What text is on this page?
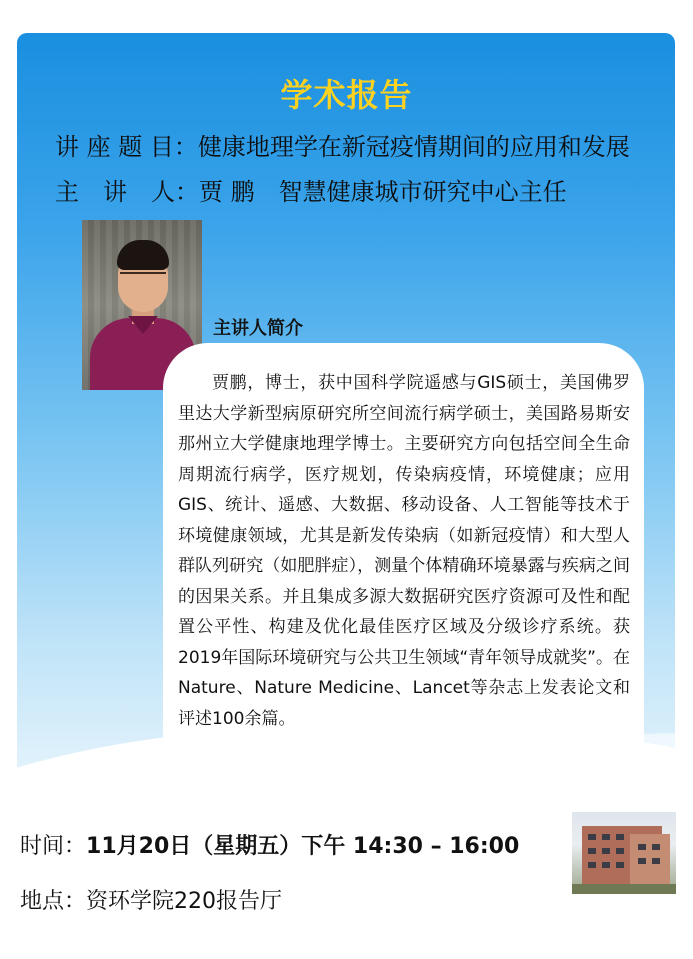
学术报告
讲 座 题 目：健康地理学在新冠疫情期间的应用和发展
主　讲　人：贾 鹏　智慧健康城市研究中心主任
主讲人简介
贾鹏，博士，获中国科学院遥感与GIS硕士，美国佛罗里达大学新型病原研究所空间流行病学硕士，美国路易斯安那州立大学健康地理学博士。主要研究方向包括空间全生命周期流行病学，医疗规划，传染病疫情，环境健康；应用GIS、统计、遥感、大数据、移动设备、人工智能等技术于环境健康领域，尤其是新发传染病（如新冠疫情）和大型人群队列研究（如肥胖症），测量个体精确环境暴露与疾病之间的因果关系。并且集成多源大数据研究医疗资源可及性和配置公平性、构建及优化最佳医疗区域及分级诊疗系统。获2019年国际环境研究与公共卫生领域“青年领导成就奖”。在Nature、Nature Medicine、Lancet等杂志上发表论文和评述100余篇。
时间：11月20日（星期五）下午 14:30 – 16:00
地点：资环学院220报告厅
